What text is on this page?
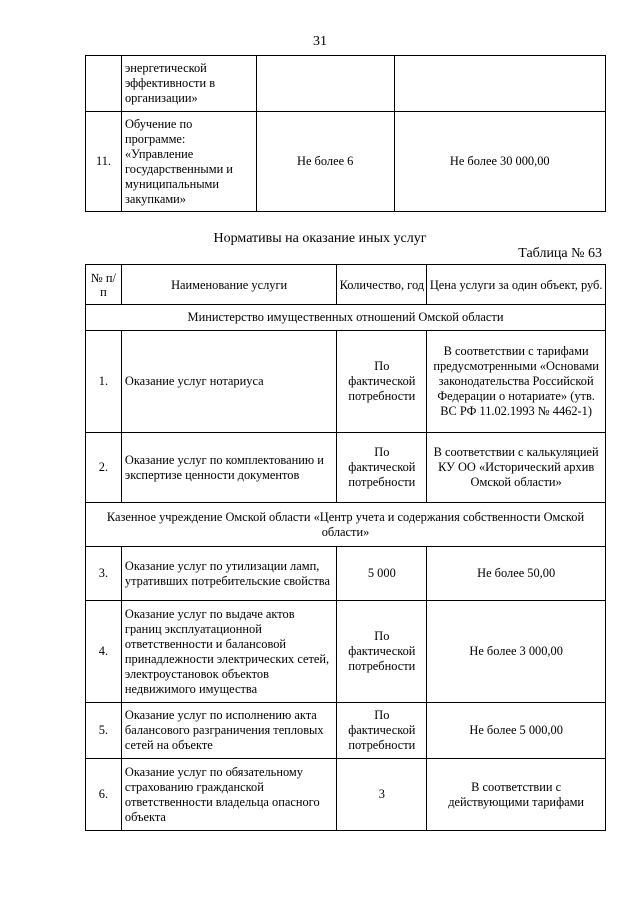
31
	энергетической эффективности в организации»		
11.	Обучение по программе: «Управление государственными и муниципальными закупками»	Не более 6	Не более 30 000,00
Нормативы на оказание иных услуг
Таблица № 63
№ п/п	Наименование услуги	Количество, год	Цена услуги за один объект, руб.
Министерство имущественных отношений Омской области			
1.	Оказание услуг нотариуса	По фактической потребности	В соответствии с тарифами предусмотренными «Основами законодательства Российской Федерации о нотариате» (утв. ВС РФ 11.02.1993 № 4462-1)
2.	Оказание услуг по комплектованию и экспертизе ценности документов	По фактической потребности	В соответствии с калькуляцией КУ ОО «Исторический архив Омской области»
Казенное учреждение Омской области «Центр учета и содержания собственности Омской области»			
3.	Оказание услуг по утилизации ламп, утративших потребительские свойства	5 000	Не более 50,00
4.	Оказание услуг по выдаче актов границ эксплуатационной ответственности и балансовой принадлежности электрических сетей, электроустановок объектов недвижимого имущества	По фактической потребности	Не более 3 000,00
5.	Оказание услуг по исполнению акта балансового разграничения тепловых сетей на объекте	По фактической потребности	Не более 5 000,00
6.	Оказание услуг по обязательному страхованию гражданской ответственности владельца опасного объекта	3	В соответствии с действующими тарифами
